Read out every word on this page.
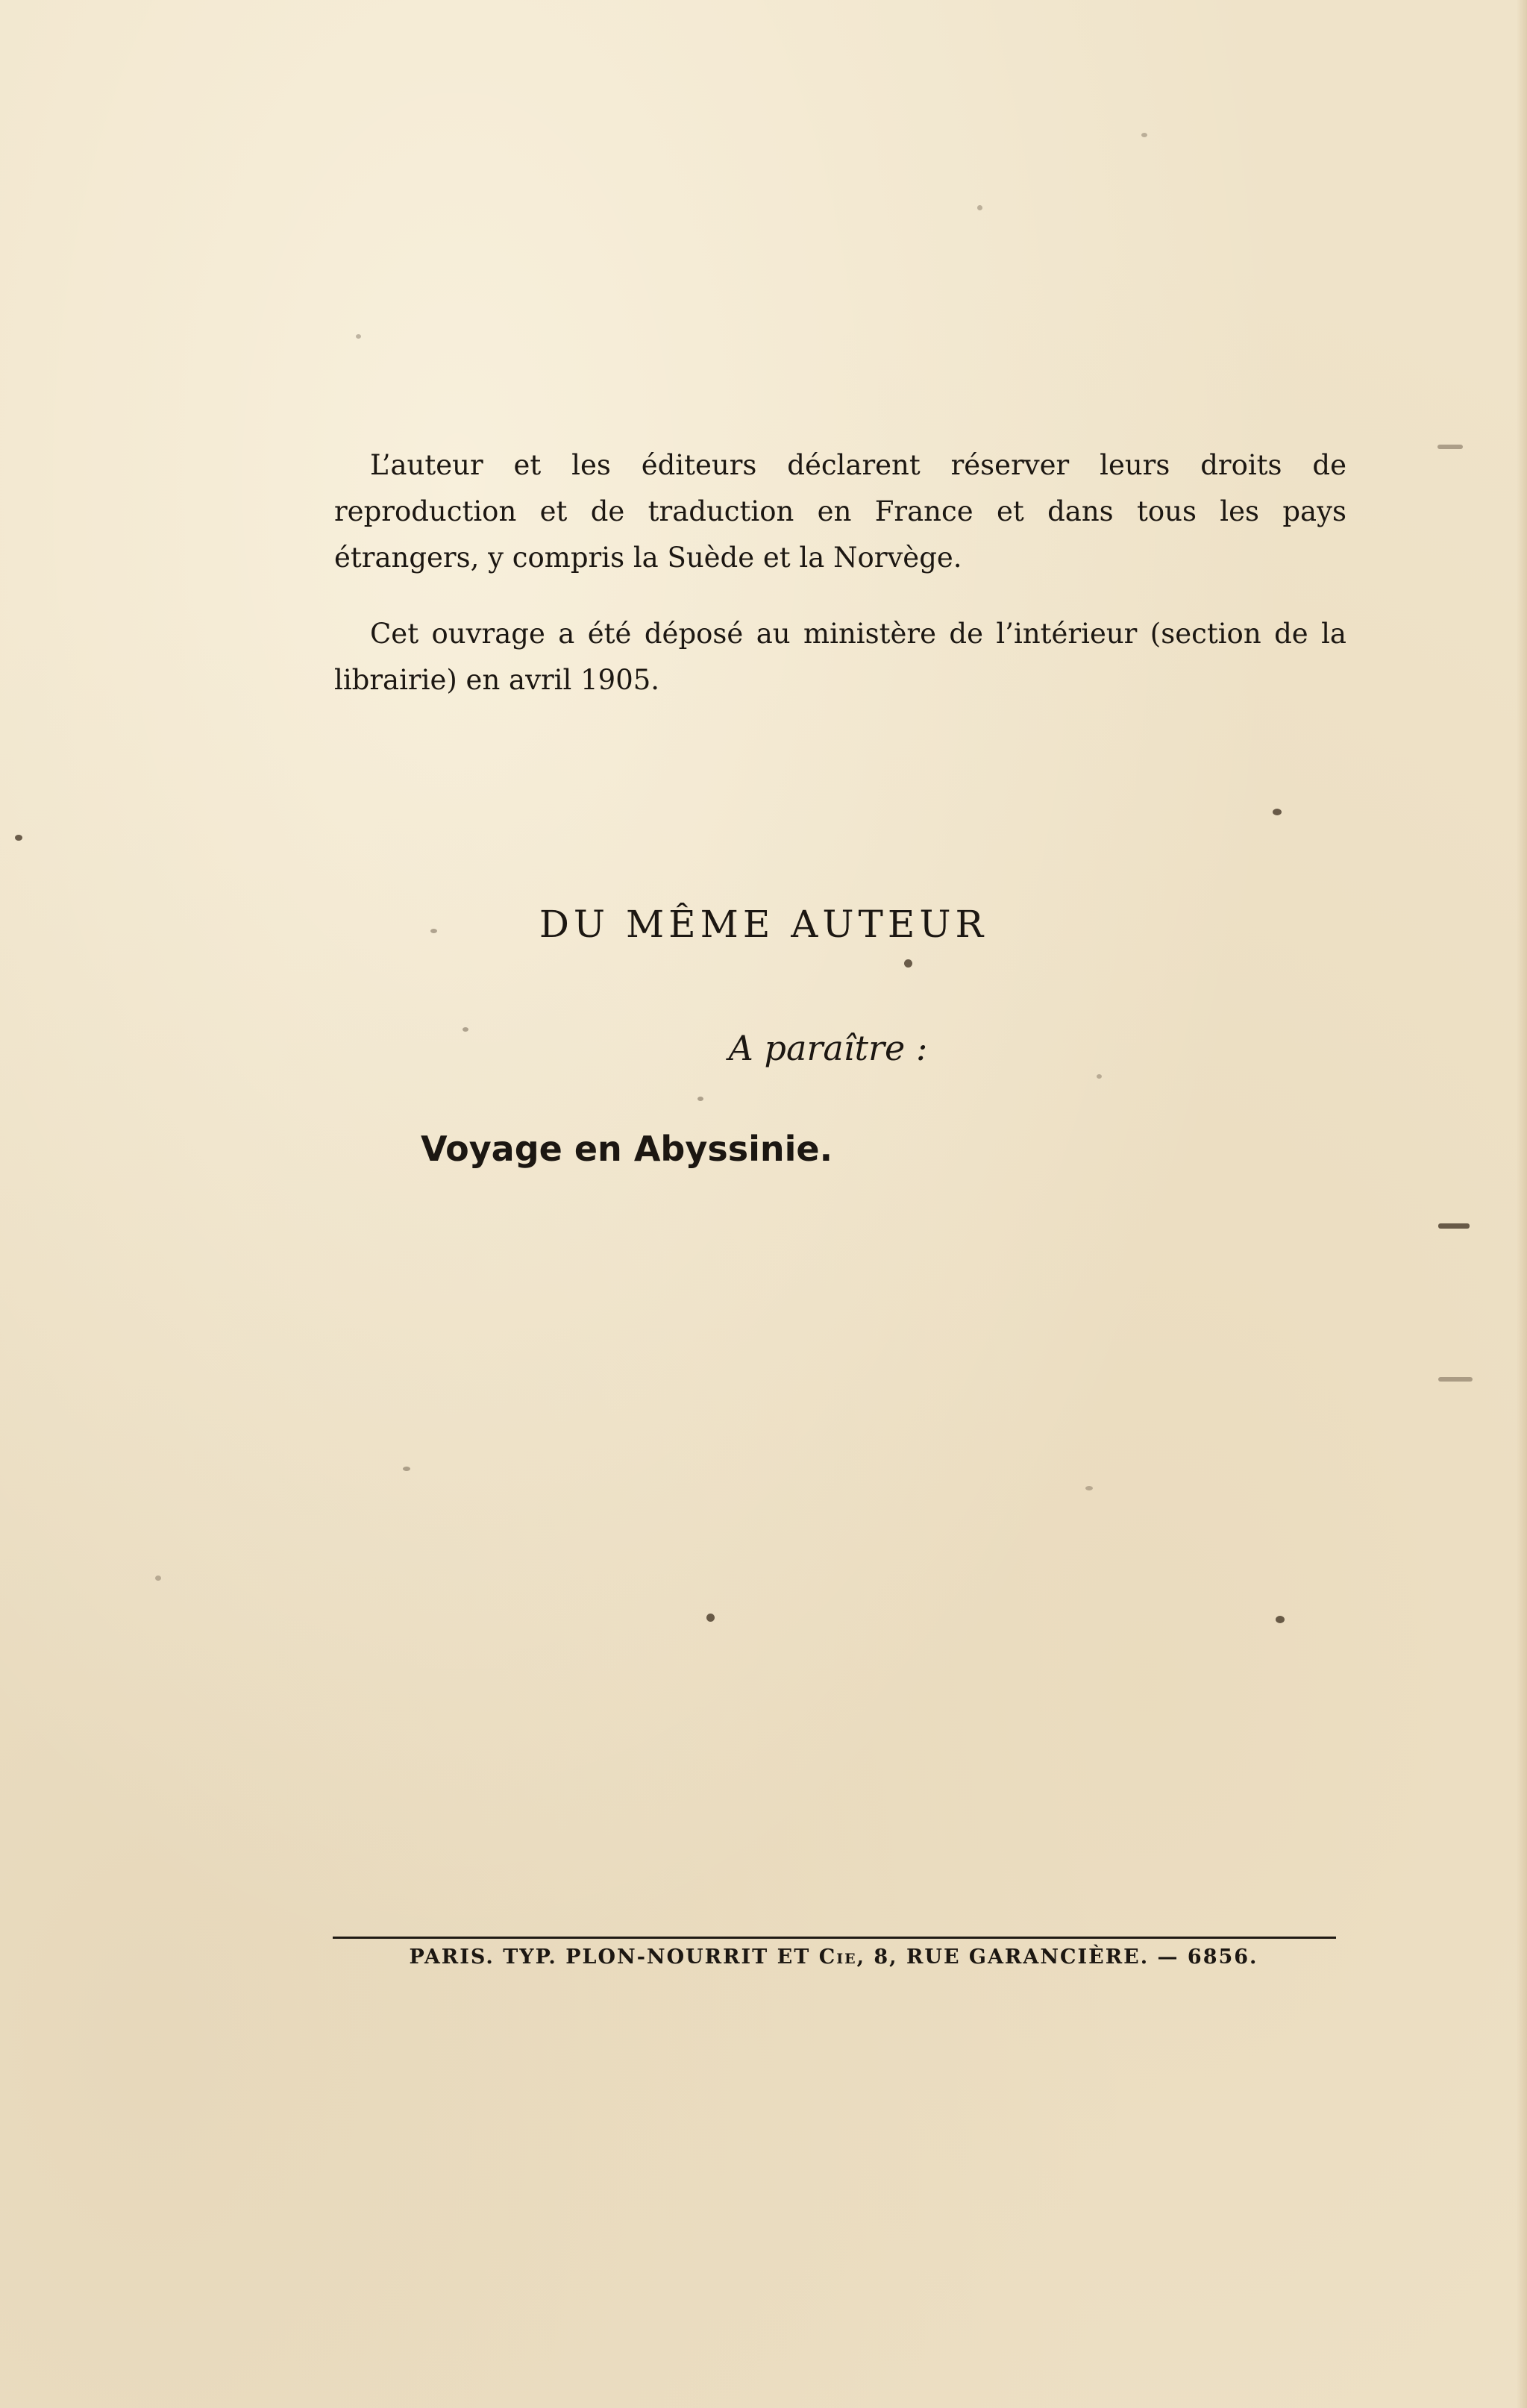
L’auteur et les éditeurs déclarent réserver leurs droits de reproduction et de traduction en France et dans tous les pays étrangers, y compris la Suède et la Norvège.

Cet ouvrage a été déposé au ministère de l’intérieur (section de la librairie) en avril 1905.

DU MÊME AUTEUR

A paraître :

Voyage en Abyssinie.

PARIS. TYP. PLON-NOURRIT ET Cie, 8, RUE GARANCIÈRE. — 6856.
